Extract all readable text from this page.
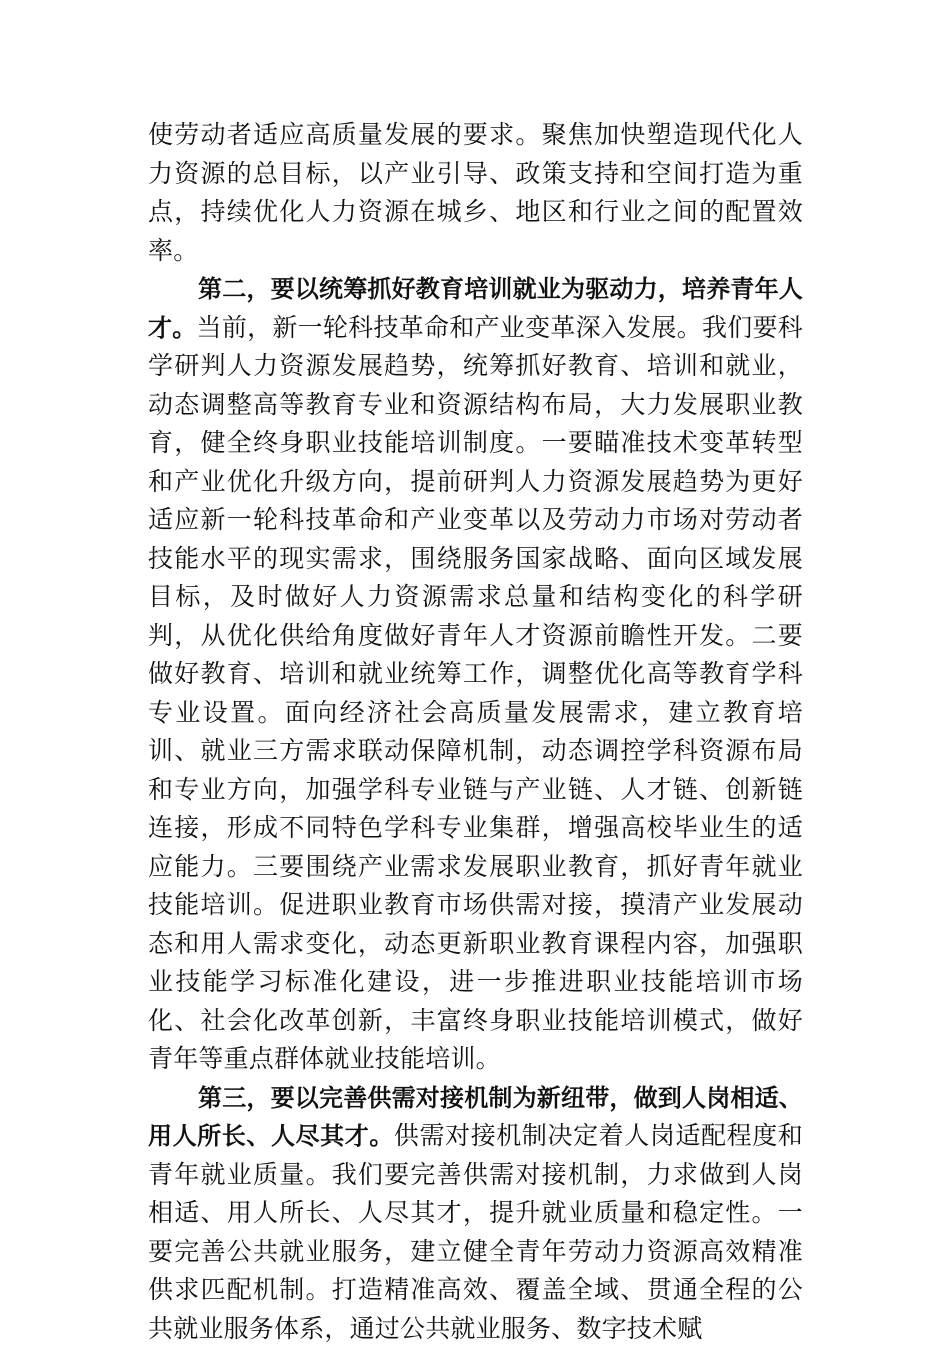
使劳动者适应高质量发展的要求。聚焦加快塑造现代化人力资源的总目标，以产业引导、政策支持和空间打造为重点，持续优化人力资源在城乡、地区和行业之间的配置效率。

第二，要以统筹抓好教育培训就业为驱动力，培养青年人才。当前，新一轮科技革命和产业变革深入发展。我们要科学研判人力资源发展趋势，统筹抓好教育、培训和就业，动态调整高等教育专业和资源结构布局，大力发展职业教育，健全终身职业技能培训制度。一要瞄准技术变革转型和产业优化升级方向，提前研判人力资源发展趋势为更好适应新一轮科技革命和产业变革以及劳动力市场对劳动者技能水平的现实需求，围绕服务国家战略、面向区域发展目标，及时做好人力资源需求总量和结构变化的科学研判，从优化供给角度做好青年人才资源前瞻性开发。二要做好教育、培训和就业统筹工作，调整优化高等教育学科专业设置。面向经济社会高质量发展需求，建立教育培训、就业三方需求联动保障机制，动态调控学科资源布局和专业方向，加强学科专业链与产业链、人才链、创新链连接，形成不同特色学科专业集群，增强高校毕业生的适应能力。三要围绕产业需求发展职业教育，抓好青年就业技能培训。促进职业教育市场供需对接，摸清产业发展动态和用人需求变化，动态更新职业教育课程内容，加强职业技能学习标准化建设，进一步推进职业技能培训市场化、社会化改革创新，丰富终身职业技能培训模式，做好青年等重点群体就业技能培训。

第三，要以完善供需对接机制为新纽带，做到人岗相适、用人所长、人尽其才。供需对接机制决定着人岗适配程度和青年就业质量。我们要完善供需对接机制，力求做到人岗相适、用人所长、人尽其才，提升就业质量和稳定性。一要完善公共就业服务，建立健全青年劳动力资源高效精准供求匹配机制。打造精准高效、覆盖全域、贯通全程的公共就业服务体系，通过公共就业服务、数字技术赋
